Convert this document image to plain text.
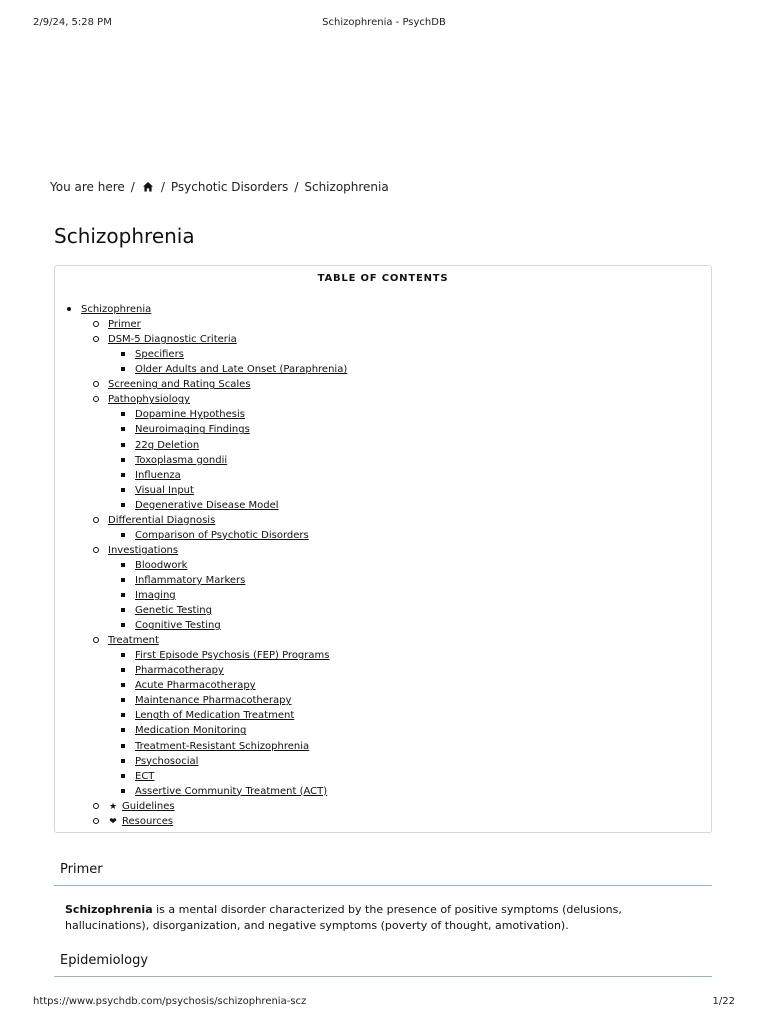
2/9/24, 5:28 PM	Schizophrenia - PsychDB
You are here / / Psychotic Disorders / Schizophrenia
Schizophrenia
TABLE OF CONTENTS
Schizophrenia
Primer
DSM-5 Diagnostic Criteria
Specifiers
Older Adults and Late Onset (Paraphrenia)
Screening and Rating Scales
Pathophysiology
Dopamine Hypothesis
Neuroimaging Findings
22q Deletion
Toxoplasma gondii
Influenza
Visual Input
Degenerative Disease Model
Differential Diagnosis
Comparison of Psychotic Disorders
Investigations
Bloodwork
Inflammatory Markers
Imaging
Genetic Testing
Cognitive Testing
Treatment
First Episode Psychosis (FEP) Programs
Pharmacotherapy
Acute Pharmacotherapy
Maintenance Pharmacotherapy
Length of Medication Treatment
Medication Monitoring
Treatment-Resistant Schizophrenia
Psychosocial
ECT
Assertive Community Treatment (ACT)
★ Guidelines
❤ Resources
Primer

Schizophrenia is a mental disorder characterized by the presence of positive symptoms (delusions, hallucinations), disorganization, and negative symptoms (poverty of thought, amotivation).

Epidemiology
https://www.psychdb.com/psychosis/schizophrenia-scz	1/22
